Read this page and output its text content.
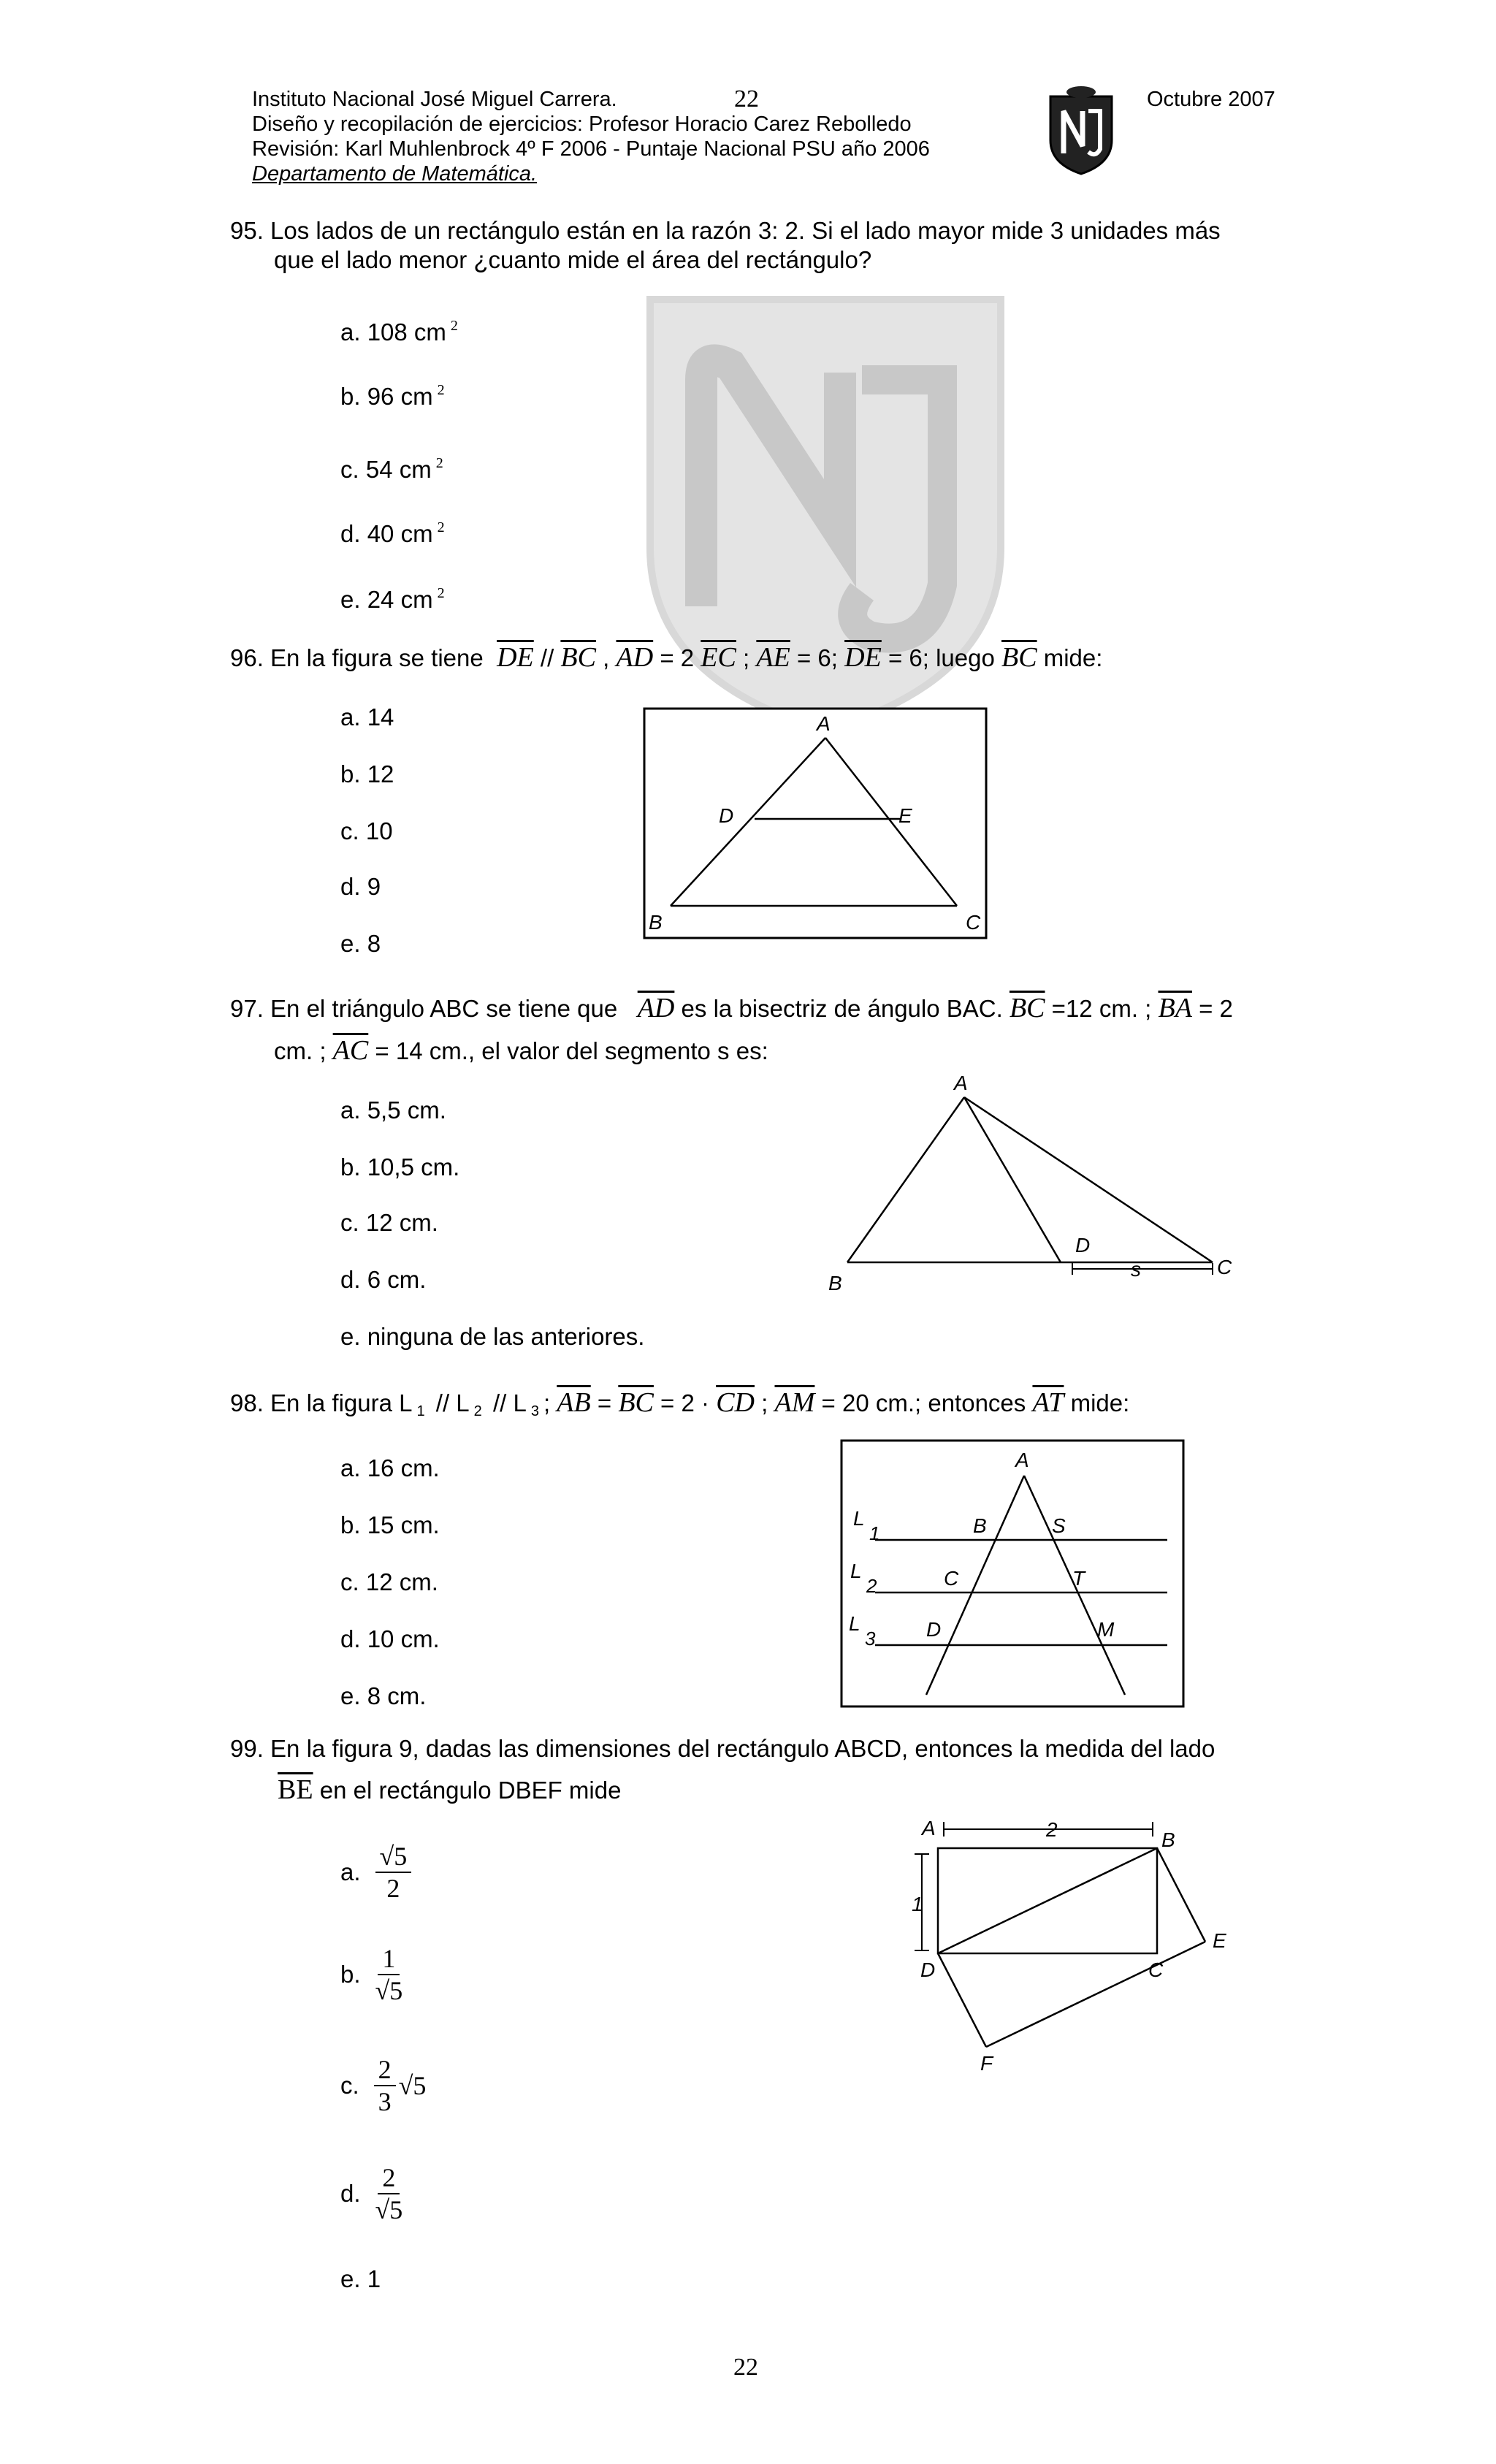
Instituto Nacional José Miguel Carrera.	22
Diseño y recopilación de ejercicios: Profesor Horacio Carez Rebolledo
Revisión: Karl Muhlenbrock 4º F 2006 - Puntaje Nacional PSU año 2006
Departamento de Matemática.
Octubre 2007
95. Los lados de un rectángulo están en la razón 3: 2. Si el lado mayor mide 3 unidades más
que el lado menor ¿cuanto mide el área del rectángulo?
a. 108 cm $^2$
b. 96 cm $^2$
c. 54 cm $^2$
d. 40 cm $^2$
e. 24 cm $^2$
96. En la figura se tiene $\overline{DE} // \overline{BC}$ , $\overline{AD} = 2$ $\overline{EC}$ ; $\overline{AE} = 6$; $\overline{DE} = 6$; luego $\overline{BC}$ mide:
a. 14
b. 12
c. 10
d. 9
e. 8
A
D	E
B	C
97. En el triángulo ABC se tiene que $\overline{AD}$ es la bisectriz de ángulo BAC. $\overline{BC} =12$ cm. ; $\overline{BA} = 2$
cm. ; $\overline{AC} = 14$ cm., el valor del segmento s es:
a. 5,5 cm.
b. 10,5 cm.
c. 12 cm.
d. 6 cm.
e. ninguna de las anteriores.
A
D
s	C
B
98. En la figura L $_1$ // L $_2$ // L $_3$ ; $\overline{AB} = \overline{BC} = 2 \cdot \overline{CD}$ ; $\overline{AM} = 20$ cm.; entonces $\overline{AT}$ mide:
a. 16 cm.
b. 15 cm.
c. 12 cm.
d. 10 cm.
e. 8 cm.
A
L
1	B	S
L
2	C	T
L
3 D	M
99. En la figura 9, dadas las dimensiones del rectángulo ABCD, entonces la medida del lado
$\overline{BE}$ en el rectángulo DBEF mide
a. $\frac{√5}{2}$
b. $\frac{1}{√5}$
c. $\frac{2}{3} √5$
d. $\frac{2}{√5}$
e. 1
A	2	B
1
D	C
E
F
22
